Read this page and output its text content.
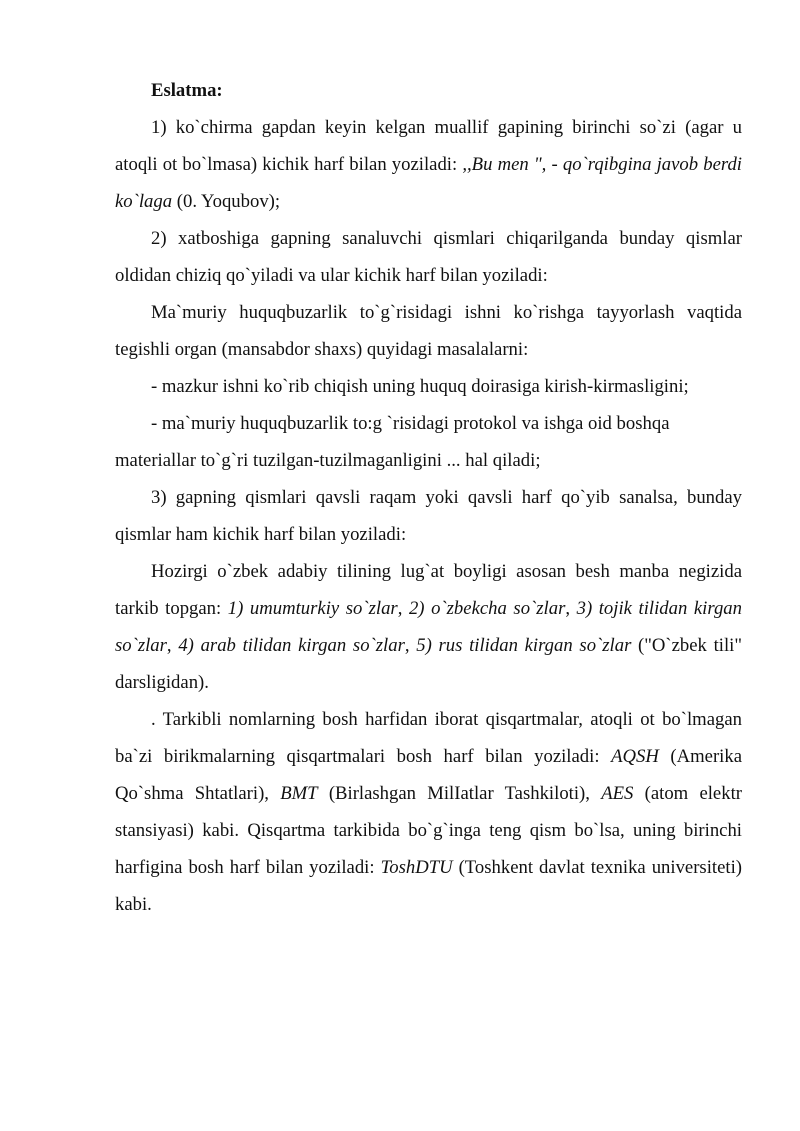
Eslatma:

1) ko`chirma gapdan keyin kelgan muallif gapining birinchi so`zi (agar u atoqli ot bo`lmasa) kichik harf bilan yoziladi: ,,Bu men ", - qo`rqibgina javob berdi ko`laga (0. Yoqubov);

2) xatboshiga gapning sanaluvchi qismlari chiqarilganda bunday qismlar oldidan chiziq qo`yiladi va ular kichik harf bilan yoziladi:

Ma`muriy huquqbuzarlik to`g`risidagi ishni ko`rishga tayyorlash vaqtida tegishli organ (mansabdor shaxs) quyidagi masalalarni:

- mazkur ishni ko`rib chiqish uning huquq doirasiga kirish-kirmasligini;

- ma`muriy huquqbuzarlik to:g `risidagi protokol va ishga oid boshqa

materiallar to`g`ri tuzilgan-tuzilmaganligini ... hal qiladi;

3) gapning qismlari qavsli raqam yoki qavsli harf qo`yib sanalsa, bunday qismlar ham kichik harf bilan yoziladi:

Hozirgi o`zbek adabiy tilining lug`at boyligi asosan besh manba negizida tarkib topgan: 1) umumturkiy so`zlar, 2) o`zbekcha so`zlar, 3) tojik tilidan kirgan so`zlar, 4) arab tilidan kirgan so`zlar, 5) rus tilidan kirgan so`zlar ("O`zbek tili" darsligidan).

. Tarkibli nomlarning bosh harfidan iborat qisqartmalar, atoqli ot bo`lmagan ba`zi birikmalarning qisqartmalari bosh harf bilan yoziladi: AQSH (Amerika Qo`shma Shtatlari), BMT (Birlashgan MilIatlar Tashkiloti), AES (atom elektr stansiyasi) kabi. Qisqartma tarkibida bo`g`inga teng qism bo`lsa, uning birinchi harfigina bosh harf bilan yoziladi: ToshDTU (Toshkent davlat texnika universiteti) kabi.
